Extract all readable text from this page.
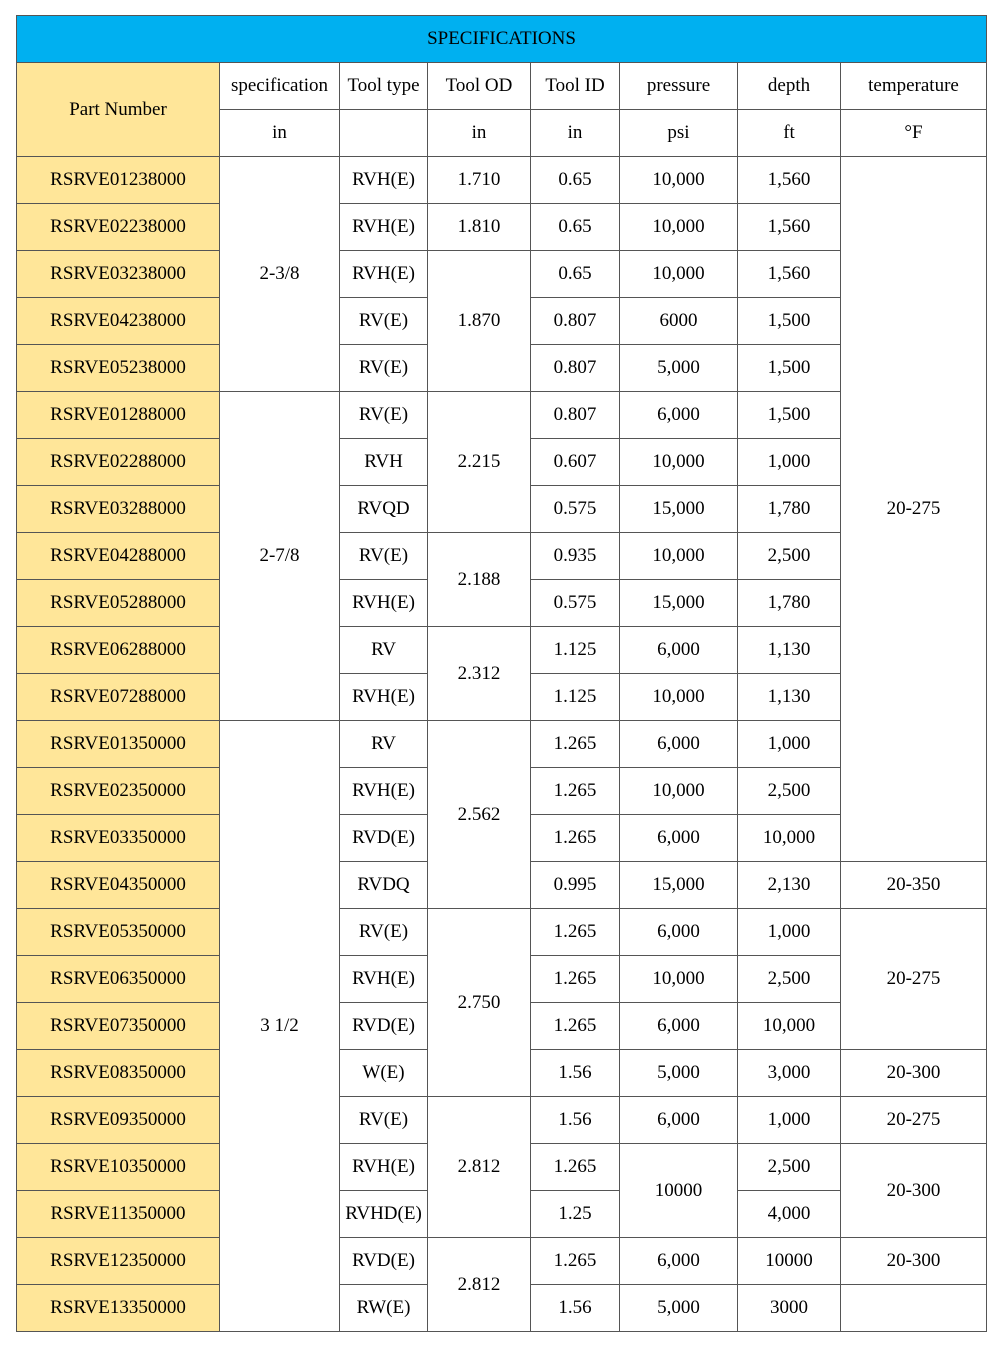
SPECIFICATIONS							
Part Number	specification	Tool type	Tool OD	Tool ID	pressure	depth	temperature
	in		in	in	psi	ft	°F
RSRVE01238000	2-3/8	RVH(E)	1.710	0.65	10,000	1,560	20-275
RSRVE02238000		RVH(E)	1.810	0.65	10,000	1,560	
RSRVE03238000		RVH(E)	1.870	0.65	10,000	1,560	
RSRVE04238000		RV(E)		0.807	6000	1,500	
RSRVE05238000		RV(E)		0.807	5,000	1,500	
RSRVE01288000	2-7/8	RV(E)	2.215	0.807	6,000	1,500	
RSRVE02288000		RVH		0.607	10,000	1,000	
RSRVE03288000		RVQD		0.575	15,000	1,780	
RSRVE04288000		RV(E)	2.188	0.935	10,000	2,500	
RSRVE05288000		RVH(E)		0.575	15,000	1,780	
RSRVE06288000		RV	2.312	1.125	6,000	1,130	
RSRVE07288000		RVH(E)		1.125	10,000	1,130	
RSRVE01350000	3 1/2	RV	2.562	1.265	6,000	1,000	
RSRVE02350000		RVH(E)		1.265	10,000	2,500	
RSRVE03350000		RVD(E)		1.265	6,000	10,000	
RSRVE04350000		RVDQ		0.995	15,000	2,130	20-350
RSRVE05350000		RV(E)	2.750	1.265	6,000	1,000	20-275
RSRVE06350000		RVH(E)		1.265	10,000	2,500	
RSRVE07350000		RVD(E)		1.265	6,000	10,000	
RSRVE08350000		W(E)		1.56	5,000	3,000	20-300
RSRVE09350000		RV(E)	2.812	1.56	6,000	1,000	20-275
RSRVE10350000		RVH(E)		1.265	10000	2,500	20-300
RSRVE11350000		RVHD(E)		1.25		4,000	
RSRVE12350000		RVD(E)	2.812	1.265	6,000	10000	20-300
RSRVE13350000		RW(E)		1.56	5,000	3000	
